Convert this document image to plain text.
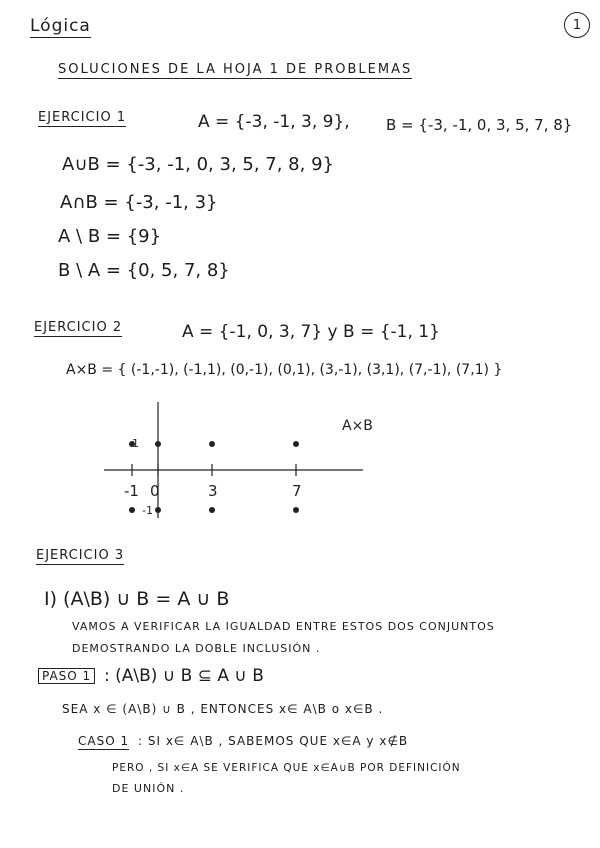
Lógica	1
SOLUCIONES DE LA HOJA 1 DE PROBLEMAS
EJERCICIO 1	A = {-3, -1, 3, 9}, B = {-3, -1, 0, 3, 5, 7, 8}
A∪B = {-3, -1, 0, 3, 5, 7, 8, 9}
A∩B = {-3, -1, 3}
A \ B = {9}
B \ A = {0, 5, 7, 8}
EJERCICIO 2	A = {-1, 0, 3, 7} y B = {-1, 1}
A×B = { (-1,-1), (-1,1), (0,-1), (0,1), (3,-1), (3,1), (7,-1), (7,1) }
-1 0	3	7
A×B
1
-1
EJERCICIO 3
I) (A\B) ∪ B = A ∪ B
VAMOS A VERIFICAR LA IGUALDAD ENTRE ESTOS DOS CONJUNTOS
DEMOSTRANDO LA DOBLE INCLUSIÓN .
PASO 1 : (A\B) ∪ B ⊆ A ∪ B
SEA x ∈ (A\B) ∪ B , ENTONCES x∈ A\B o x∈B .
CASO 1 : SI x∈ A\B , SABEMOS QUE x∈A y x∉B
PERO , SI x∈A SE VERIFICA QUE x∈A∪B POR DEFINICIÓN
DE UNIÓN .
